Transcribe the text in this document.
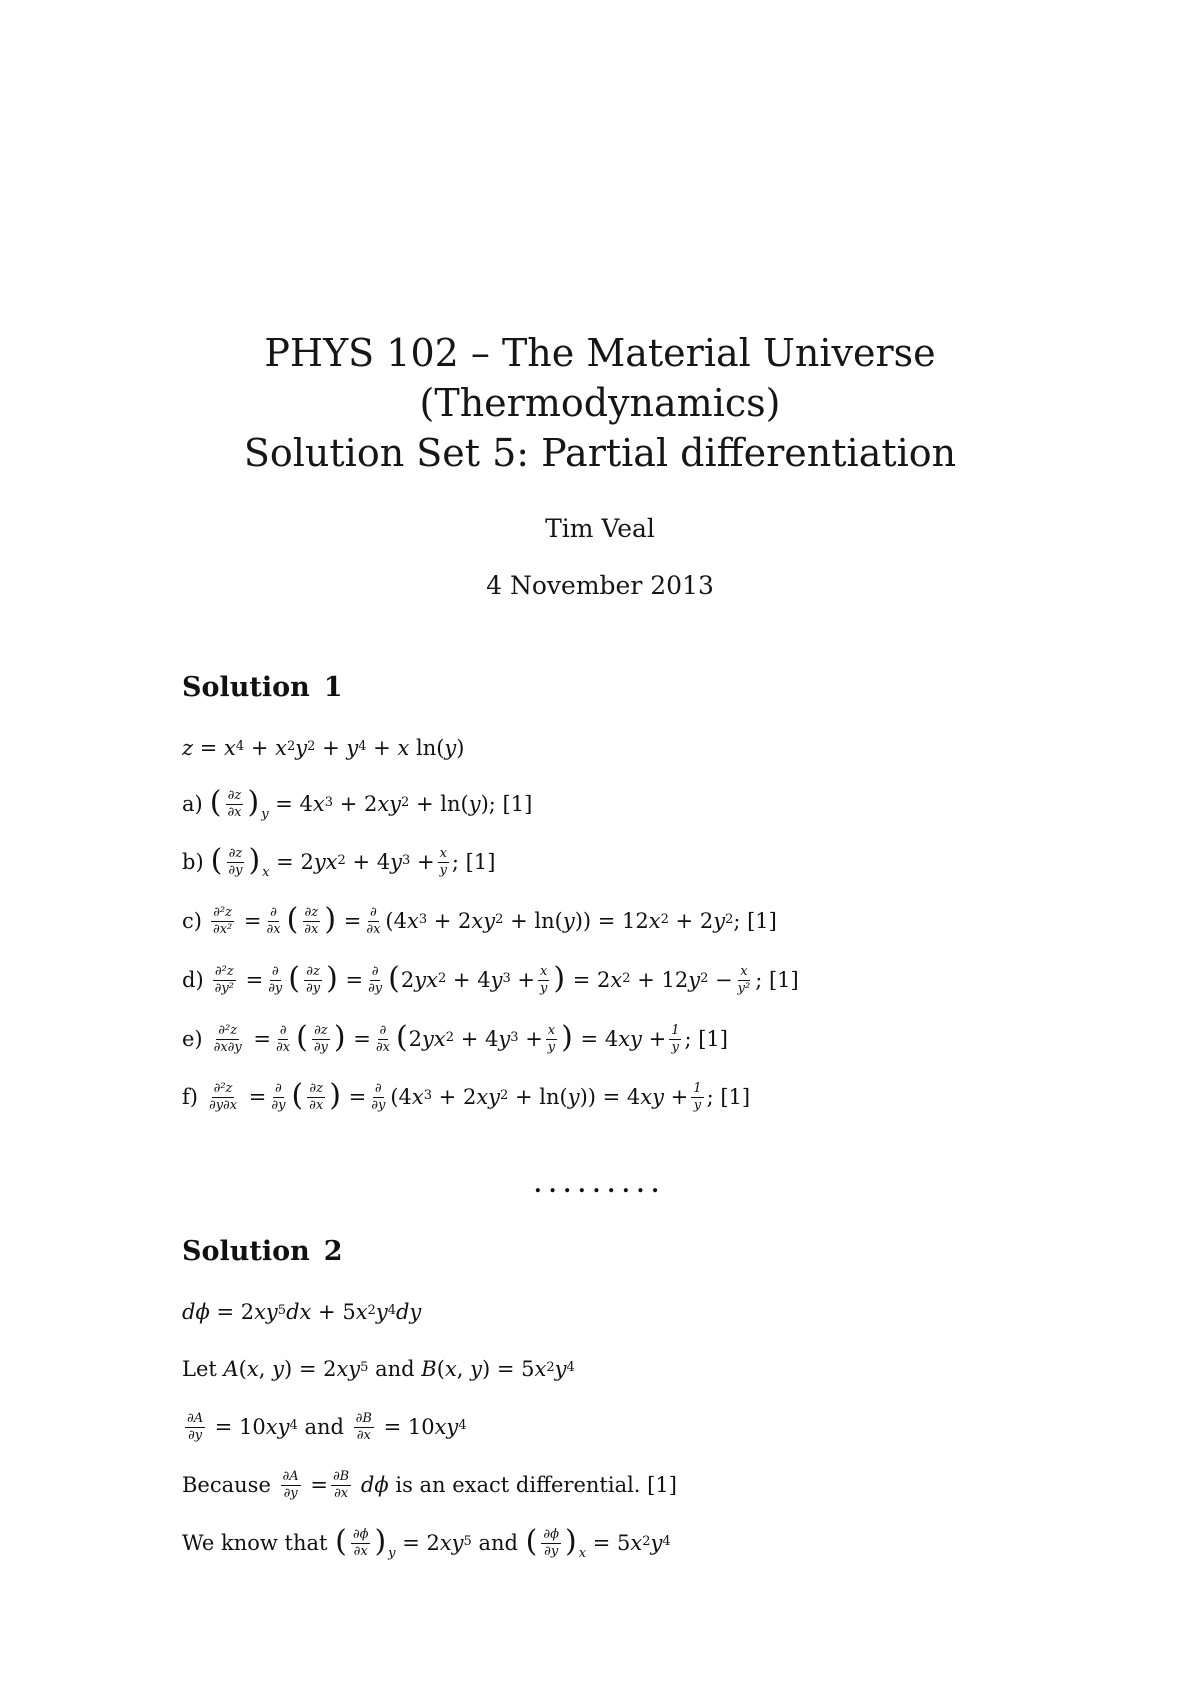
PHYS 102 – The Material Universe
(Thermodynamics)
Solution Set 5: Partial differentiation
Tim Veal
4 November 2013
Solution 1
$z = x^4 + x^2$ $y^2 + y^4 + x$ ln( y )
a) ( $\frac{\partial z}{\partial x}$ ) y = 4 $x^3 + 2$ $xy^2 + \ln$( y ); [1]
b) ( $\frac{\partial z}{\partial y}$ ) x = 2 $yx^2 + 4$ $y^3 + \frac{x}{y}$ ; [1]
$c) \frac{\text{∂²z}}{\text{∂x²}} = \frac{\partial}{\partial x}$ ( $\frac{\partial z}{\partial x}$ ) = $\frac{\partial}{\partial x} (4$ $x^3 + 2$ $xy^2 + \ln$( y )) = 12 $x^2 + 2$ $y^2$ ; [1]
$d) \frac{\text{∂²z}}{\text{∂y²}} = \frac{\partial}{\partial y}$ ( $\frac{\partial z}{\partial y}$ ) = $\frac{\partial}{\partial y}$ ( 2 $yx^2 + 4$ $y^3 + \frac{x}{y}$ ) = 2 $x^2 + 12$ $y^2 - \frac{x}{\text{y²}}$ ; [1]
$e) \frac{\text{∂²z}}{\partial x\partial y} = \frac{\partial}{\partial x}$ ( $\frac{\partial z}{\partial y}$ ) = $\frac{\partial}{\partial x}$ ( 2 $yx^2 + 4$ $y^3 + \frac{x}{y}$ ) = 4 xy + $\frac{1}{y}$ ; [1]
$f) \frac{\text{∂²z}}{\partial y\partial x} = \frac{\partial}{\partial y}$ ( $\frac{\partial z}{\partial x}$ ) = $\frac{\partial}{\partial y} (4$ $x^3 + 2$ $xy^2 + \ln$( y )) = 4 xy + $\frac{1}{y}$ ; [1]
.........
Solution 2
dϕ = 2 $xy^5$ dx + 5 $x^2$ $y^4$ dy
Let A ( x , y ) = 2 $xy^5$ and B ( x , y ) = 5 $x^2$ $y^4$
$\frac{\partial A}{\partial y} = 10$ $xy^4$ and $\frac{\partial B}{\partial x} = 10$ $xy^4$
Because $\frac{\partial A}{\partial y} = \frac{\partial B}{\partial x}$
dϕ is an exact differential. [1]
We know that ( $\frac{\partial\phi}{\partial x}$ ) y = 2 $xy^5$ and ( $\frac{\partial\phi}{\partial y}$ ) x = 5 $x^2$ $y^4$
